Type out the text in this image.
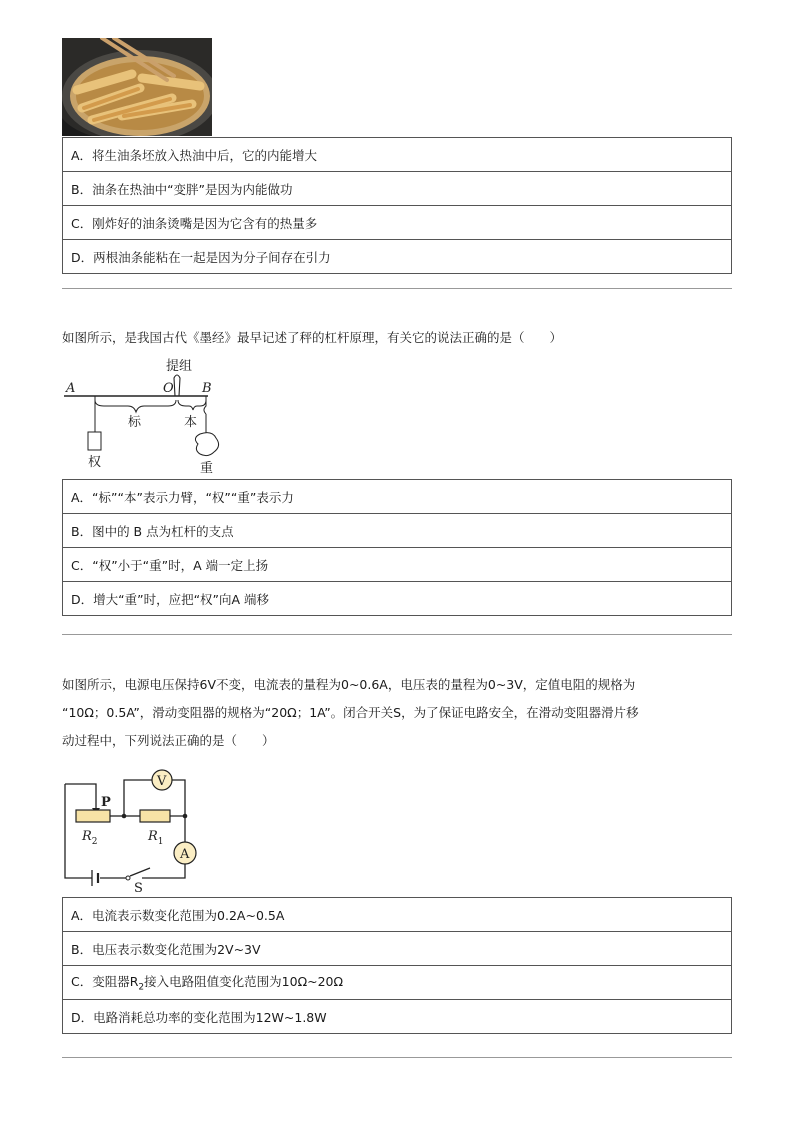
A．将生油条坯放入热油中后，它的内能增大
B．油条在热油中“变胖”是因为内能做功
C．刚炸好的油条烫嘴是因为它含有的热量多
D．两根油条能粘在一起是因为分子间存在引力
如图所示，是我国古代《墨经》最早记述了秤的杠杆原理，有关它的说法正确的是（　　）
A	O B
提组
标	本
权	重
A．“标”“本”表示力臂，“权”“重”表示力
B．图中的 B 点为杠杆的支点
C．“权”小于“重”时，A 端一定上扬
D．增大“重”时，应把“权”向A 端移
如图所示，电源电压保持6V不变，电流表的量程为0~0.6A，电压表的量程为0~3V，定值电阻的规格为
“10Ω；0.5A”，滑动变阻器的规格为“20Ω；1A”。闭合开关S，为了保证电路安全，在滑动变阻器滑片移
动过程中，下列说法正确的是（　　）
V
A
P
$R_2$	$R_1$
S
A．电流表示数变化范围为0.2A~0.5A
B．电压表示数变化范围为2V~3V
C．变阻器$R_2$接入电路阻值变化范围为10Ω~20Ω
D．电路消耗总功率的变化范围为12W~1.8W
